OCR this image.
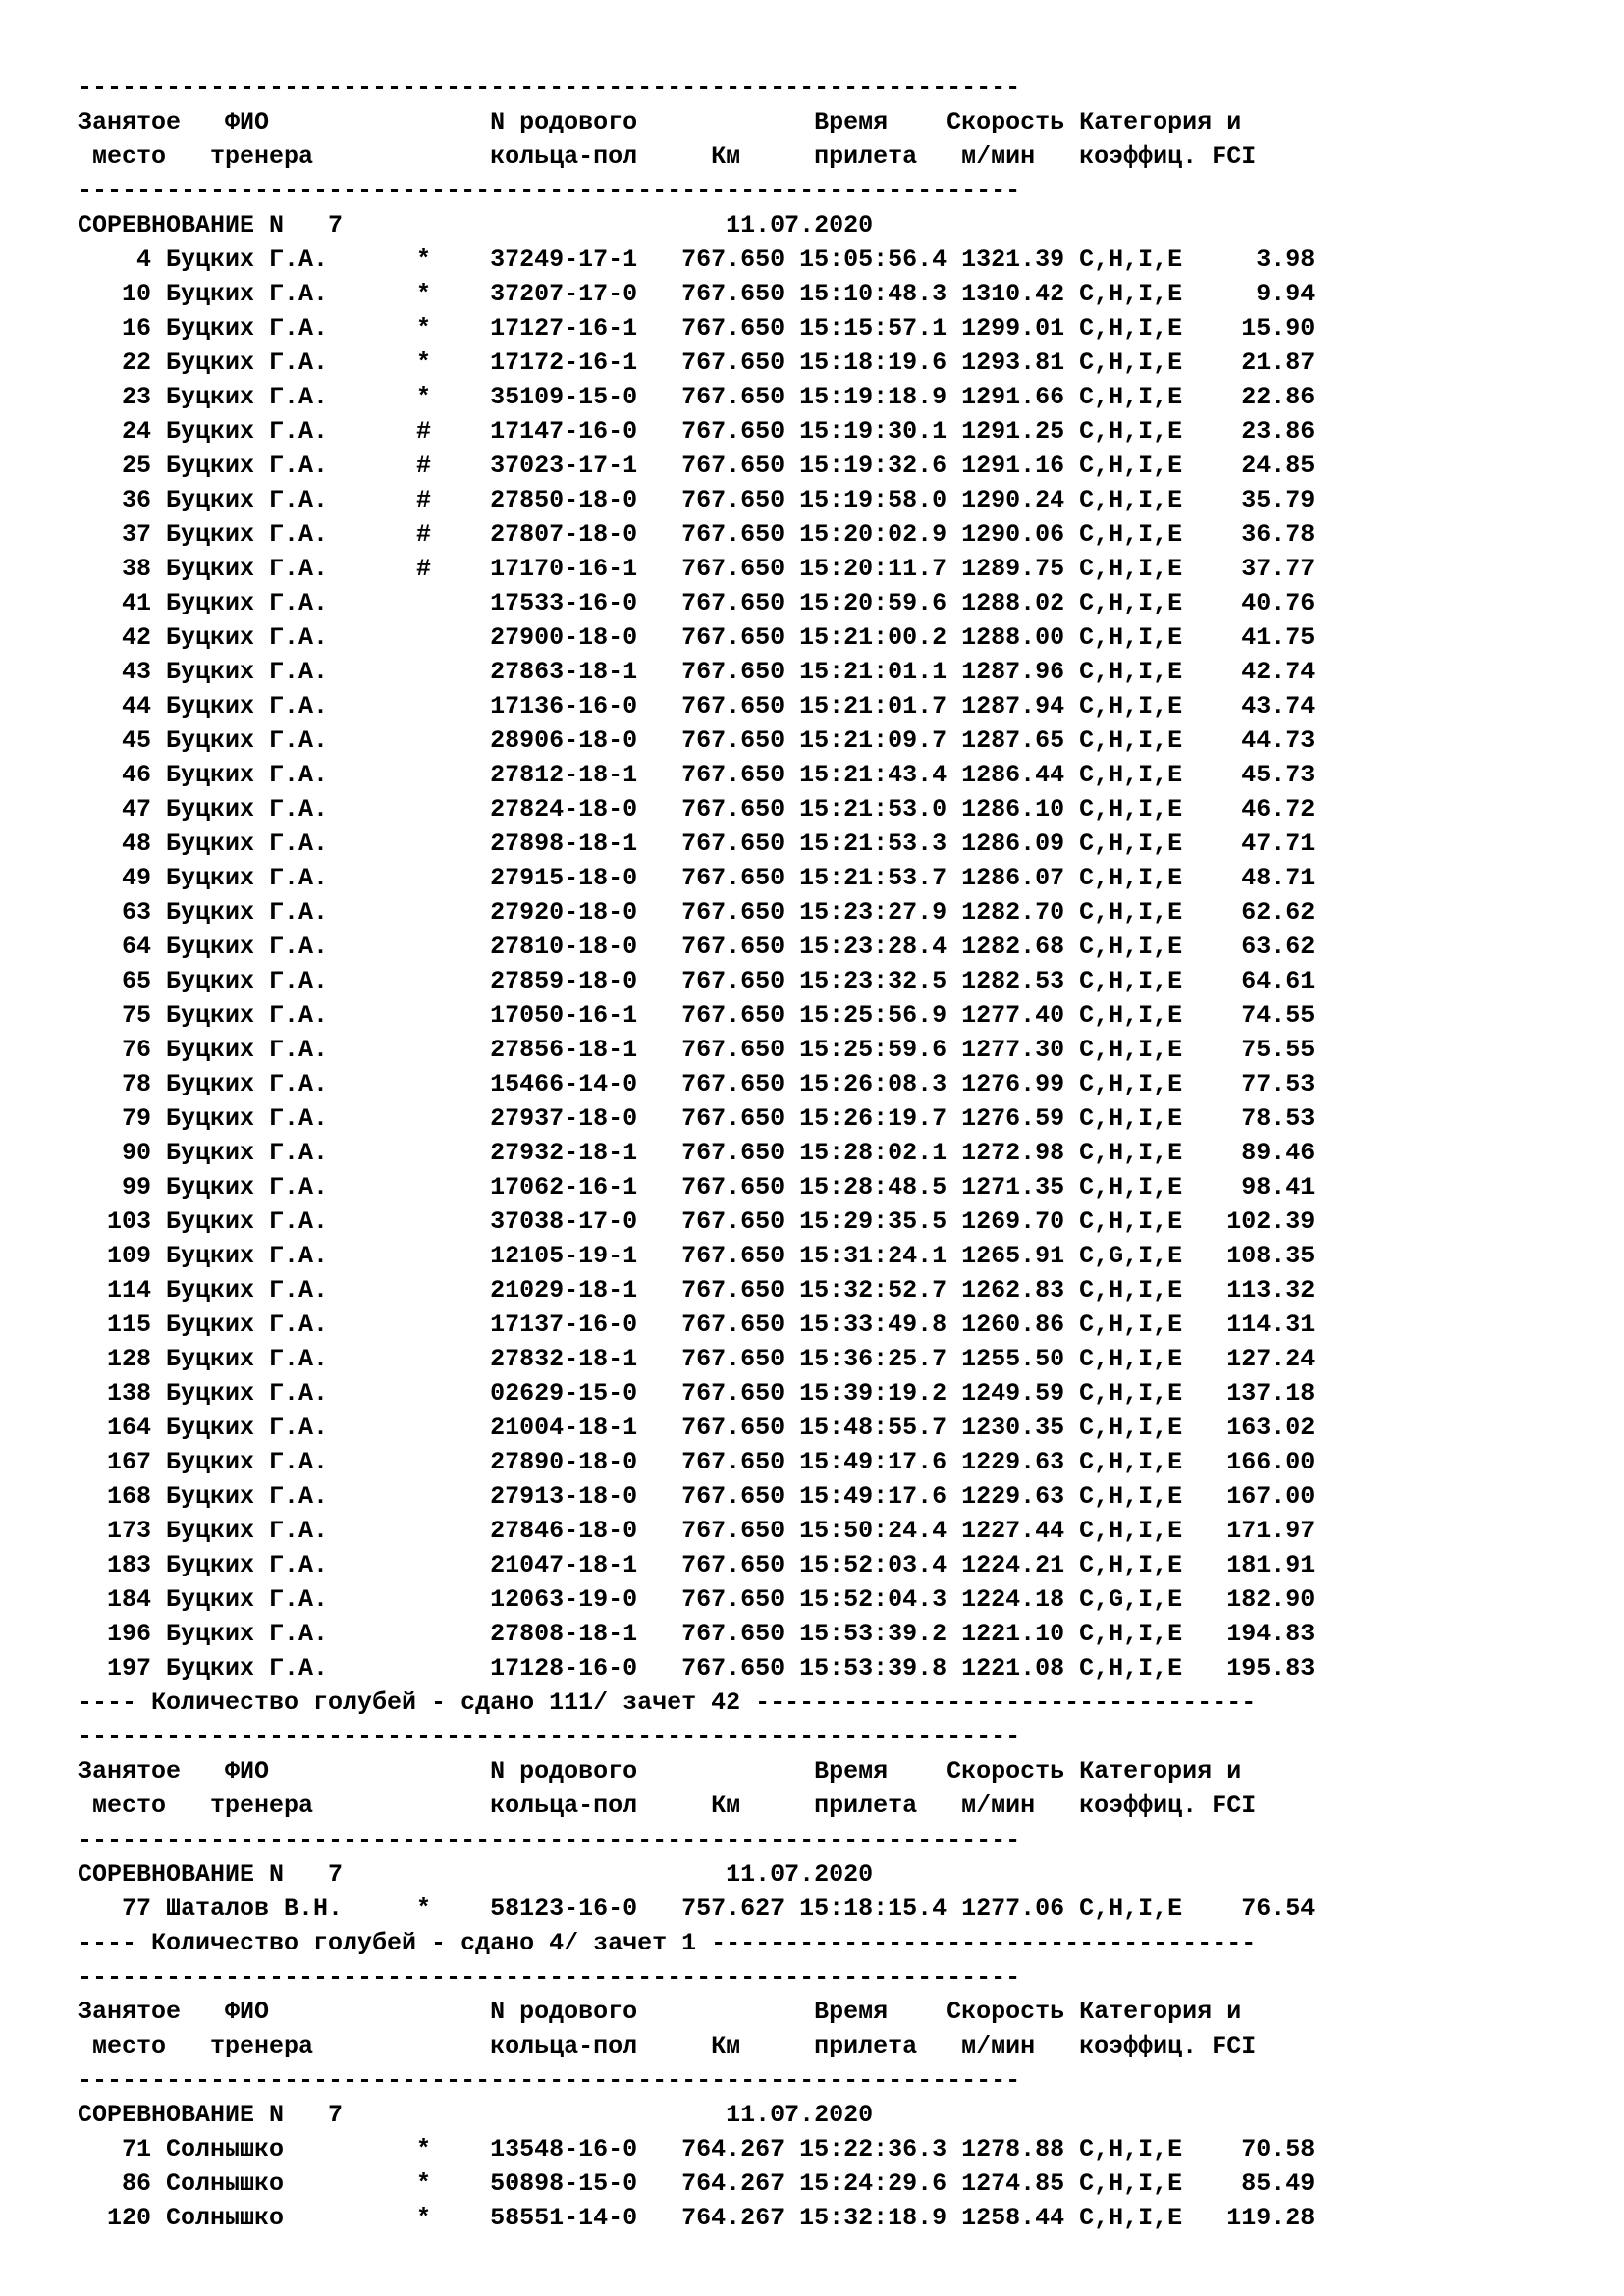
----------------------------------------------------------------
Занятое   ФИО               N родового            Время    Скорость Категория и
место   тренера            кольца-пол     Км     прилета   м/мин   коэффиц. FCI
----------------------------------------------------------------
СОРЕВНОВАНИЕ N   7                          11.07.2020
4 Буцких Г.А.      *    37249-17-1   767.650 15:05:56.4 1321.39 C,H,I,E     3.98
10 Буцких Г.А.      *    37207-17-0   767.650 15:10:48.3 1310.42 C,H,I,E     9.94
16 Буцких Г.А.      *    17127-16-1   767.650 15:15:57.1 1299.01 C,H,I,E    15.90
22 Буцких Г.А.      *    17172-16-1   767.650 15:18:19.6 1293.81 C,H,I,E    21.87
23 Буцких Г.А.      *    35109-15-0   767.650 15:19:18.9 1291.66 C,H,I,E    22.86
24 Буцких Г.А.      #    17147-16-0   767.650 15:19:30.1 1291.25 C,H,I,E    23.86
25 Буцких Г.А.      #    37023-17-1   767.650 15:19:32.6 1291.16 C,H,I,E    24.85
36 Буцких Г.А.      #    27850-18-0   767.650 15:19:58.0 1290.24 C,H,I,E    35.79
37 Буцких Г.А.      #    27807-18-0   767.650 15:20:02.9 1290.06 C,H,I,E    36.78
38 Буцких Г.А.      #    17170-16-1   767.650 15:20:11.7 1289.75 C,H,I,E    37.77
41 Буцких Г.А.           17533-16-0   767.650 15:20:59.6 1288.02 C,H,I,E    40.76
42 Буцких Г.А.           27900-18-0   767.650 15:21:00.2 1288.00 C,H,I,E    41.75
43 Буцких Г.А.           27863-18-1   767.650 15:21:01.1 1287.96 C,H,I,E    42.74
44 Буцких Г.А.           17136-16-0   767.650 15:21:01.7 1287.94 C,H,I,E    43.74
45 Буцких Г.А.           28906-18-0   767.650 15:21:09.7 1287.65 C,H,I,E    44.73
46 Буцких Г.А.           27812-18-1   767.650 15:21:43.4 1286.44 C,H,I,E    45.73
47 Буцких Г.А.           27824-18-0   767.650 15:21:53.0 1286.10 C,H,I,E    46.72
48 Буцких Г.А.           27898-18-1   767.650 15:21:53.3 1286.09 C,H,I,E    47.71
49 Буцких Г.А.           27915-18-0   767.650 15:21:53.7 1286.07 C,H,I,E    48.71
63 Буцких Г.А.           27920-18-0   767.650 15:23:27.9 1282.70 C,H,I,E    62.62
64 Буцких Г.А.           27810-18-0   767.650 15:23:28.4 1282.68 C,H,I,E    63.62
65 Буцких Г.А.           27859-18-0   767.650 15:23:32.5 1282.53 C,H,I,E    64.61
75 Буцких Г.А.           17050-16-1   767.650 15:25:56.9 1277.40 C,H,I,E    74.55
76 Буцких Г.А.           27856-18-1   767.650 15:25:59.6 1277.30 C,H,I,E    75.55
78 Буцких Г.А.           15466-14-0   767.650 15:26:08.3 1276.99 C,H,I,E    77.53
79 Буцких Г.А.           27937-18-0   767.650 15:26:19.7 1276.59 C,H,I,E    78.53
90 Буцких Г.А.           27932-18-1   767.650 15:28:02.1 1272.98 C,H,I,E    89.46
99 Буцких Г.А.           17062-16-1   767.650 15:28:48.5 1271.35 C,H,I,E    98.41
103 Буцких Г.А.           37038-17-0   767.650 15:29:35.5 1269.70 C,H,I,E   102.39
109 Буцких Г.А.           12105-19-1   767.650 15:31:24.1 1265.91 C,G,I,E   108.35
114 Буцких Г.А.           21029-18-1   767.650 15:32:52.7 1262.83 C,H,I,E   113.32
115 Буцких Г.А.           17137-16-0   767.650 15:33:49.8 1260.86 C,H,I,E   114.31
128 Буцких Г.А.           27832-18-1   767.650 15:36:25.7 1255.50 C,H,I,E   127.24
138 Буцких Г.А.           02629-15-0   767.650 15:39:19.2 1249.59 C,H,I,E   137.18
164 Буцких Г.А.           21004-18-1   767.650 15:48:55.7 1230.35 C,H,I,E   163.02
167 Буцких Г.А.           27890-18-0   767.650 15:49:17.6 1229.63 C,H,I,E   166.00
168 Буцких Г.А.           27913-18-0   767.650 15:49:17.6 1229.63 C,H,I,E   167.00
173 Буцких Г.А.           27846-18-0   767.650 15:50:24.4 1227.44 C,H,I,E   171.97
183 Буцких Г.А.           21047-18-1   767.650 15:52:03.4 1224.21 C,H,I,E   181.91
184 Буцких Г.А.           12063-19-0   767.650 15:52:04.3 1224.18 C,G,I,E   182.90
196 Буцких Г.А.           27808-18-1   767.650 15:53:39.2 1221.10 C,H,I,E   194.83
197 Буцких Г.А.           17128-16-0   767.650 15:53:39.8 1221.08 C,H,I,E   195.83
---- Количество голубей - сдано 111/ зачет 42 ----------------------------------
----------------------------------------------------------------
Занятое   ФИО               N родового            Время    Скорость Категория и
место   тренера            кольца-пол     Км     прилета   м/мин   коэффиц. FCI
----------------------------------------------------------------
СОРЕВНОВАНИЕ N   7                          11.07.2020
77 Шаталов В.Н.     *    58123-16-0   757.627 15:18:15.4 1277.06 C,H,I,E    76.54
---- Количество голубей - сдано 4/ зачет 1 -------------------------------------
----------------------------------------------------------------
Занятое   ФИО               N родового            Время    Скорость Категория и
место   тренера            кольца-пол     Км     прилета   м/мин   коэффиц. FCI
----------------------------------------------------------------
СОРЕВНОВАНИЕ N   7                          11.07.2020
71 Солнышко         *    13548-16-0   764.267 15:22:36.3 1278.88 C,H,I,E    70.58
86 Солнышко         *    50898-15-0   764.267 15:24:29.6 1274.85 C,H,I,E    85.49
120 Солнышко         *    58551-14-0   764.267 15:32:18.9 1258.44 C,H,I,E   119.28
